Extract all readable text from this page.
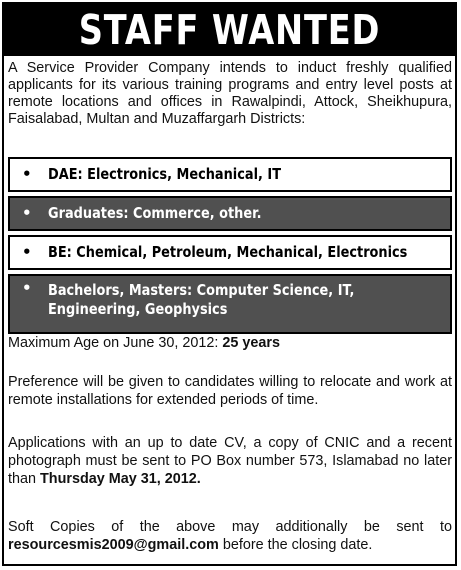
STAFF WANTED
A Service Provider Company intends to induct freshly qualified applicants for its various training programs and entry level posts at remote locations and offices in Rawalpindi, Attock, Sheikhupura, Faisalabad, Multan and Muzaffargarh Districts:
• DAE: Electronics, Mechanical, IT
• Graduates: Commerce, other.
• BE: Chemical, Petroleum, Mechanical, Electronics
• Bachelors, Masters: Computer Science, IT,
Engineering, Geophysics
Maximum Age on June 30, 2012: 25 years
Preference will be given to candidates willing to relocate and work at remote installations for extended periods of time.
Applications with an up to date CV, a copy of CNIC and a recent photograph must be sent to PO Box number 573, Islamabad no later than Thursday May 31, 2012.
Soft Copies of the above may additionally be sent to resourcesmis2009@gmail.com before the closing date.
